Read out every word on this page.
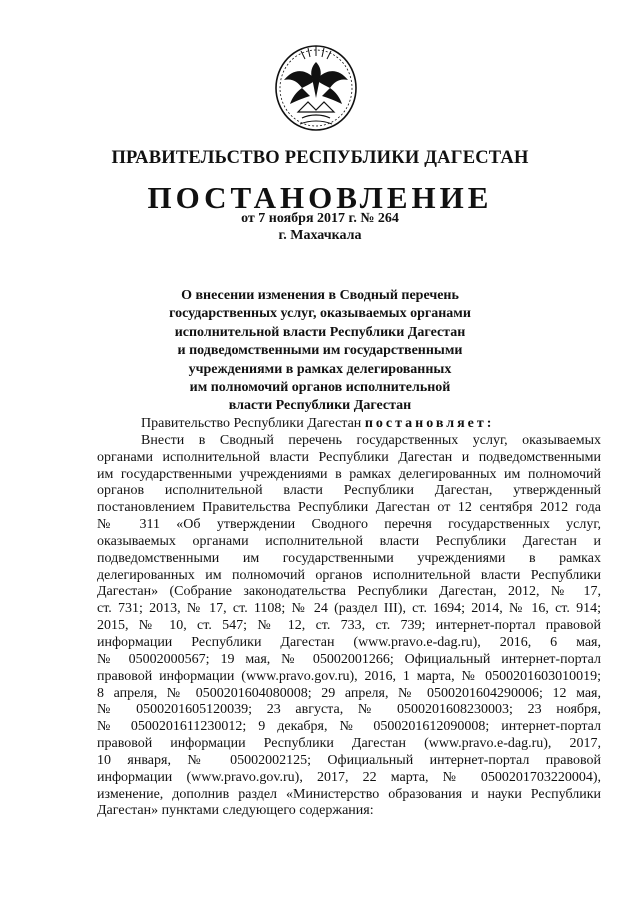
ПРАВИТЕЛЬСТВО РЕСПУБЛИКИ ДАГЕСТАН
ПОСТАНОВЛЕНИЕ
от 7 ноября 2017 г. № 264
г. Махачкала
О внесении изменения в Сводный перечень
государственных услуг, оказываемых органами
исполнительной власти Республики Дагестан
и подведомственными им государственными
учреждениями в рамках делегированных
им полномочий органов исполнительной
власти Республики Дагестан

Правительство Республики Дагестан постановляет:

Внести в Сводный перечень государственных услуг, оказываемых
органами исполнительной власти Республики Дагестан и подведомственными
им государственными учреждениями в рамках делегированных им полномочий
органов исполнительной власти Республики Дагестан, утвержденный
постановлением Правительства Республики Дагестан от 12 сентября 2012 года
№ 311 «Об утверждении Сводного перечня государственных услуг,
оказываемых органами исполнительной власти Республики Дагестан и
подведомственными им государственными учреждениями в рамках
делегированных им полномочий органов исполнительной власти Республики
Дагестан» (Собрание законодательства Республики Дагестан, 2012, № 17,
ст. 731; 2013, № 17, ст. 1108; № 24 (раздел III), ст. 1694; 2014, № 16, ст. 914;
2015, № 10, ст. 547; № 12, ст. 733, ст. 739; интернет-портал правовой
информации Республики Дагестан (www.pravo.e-dag.ru), 2016, 6 мая,
№ 05002000567; 19 мая, № 05002001266; Официальный интернет-портал
правовой информации (www.pravo.gov.ru), 2016, 1 марта, № 0500201603010019;
8 апреля, № 0500201604080008; 29 апреля, № 0500201604290006; 12 мая,
№ 0500201605120039; 23 августа, № 0500201608230003; 23 ноября,
№ 0500201611230012; 9 декабря, № 0500201612090008; интернет-портал
правовой информации Республики Дагестан (www.pravo.e-dag.ru), 2017,
10 января, № 05002002125; Официальный интернет-портал правовой
информации (www.pravo.gov.ru), 2017, 22 марта, № 0500201703220004),
изменение, дополнив раздел «Министерство образования и науки Республики
Дагестан» пунктами следующего содержания:
